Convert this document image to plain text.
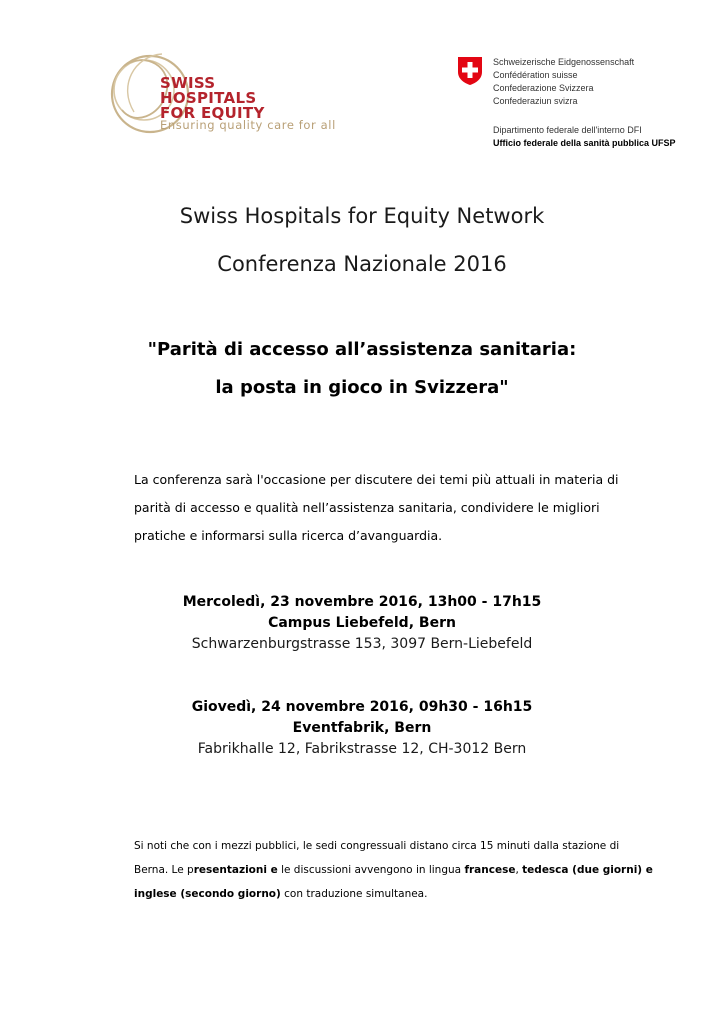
SWISS
HOSPITALS
FOR EQUITY
Ensuring quality care for all
Schweizerische Eidgenossenschaft
Confédération suisse
Confederazione Svizzera
Confederaziun svizra
Dipartimento federale dell'interno DFI
Ufficio federale della sanità pubblica UFSP
Swiss Hospitals for Equity Network
Conferenza Nazionale 2016
"Parità di accesso all’assistenza sanitaria:
la posta in gioco in Svizzera"
La conferenza sarà l'occasione per discutere dei temi più attuali in materia di parità di accesso e qualità nell’assistenza sanitaria, condividere le migliori pratiche e informarsi sulla ricerca d’avanguardia.
Mercoledì, 23 novembre 2016, 13h00 - 17h15
Campus Liebefeld, Bern
Schwarzenburgstrasse 153, 3097 Bern-Liebefeld
Giovedì, 24 novembre 2016, 09h30 - 16h15
Eventfabrik, Bern
Fabrikhalle 12, Fabrikstrasse 12, CH-3012 Bern
Si noti che con i mezzi pubblici, le sedi congressuali distano circa 15 minuti dalla stazione di Berna. Le presentazioni e le discussioni avvengono in lingua francese, tedesca (due giorni) e inglese (secondo giorno) con traduzione simultanea.
